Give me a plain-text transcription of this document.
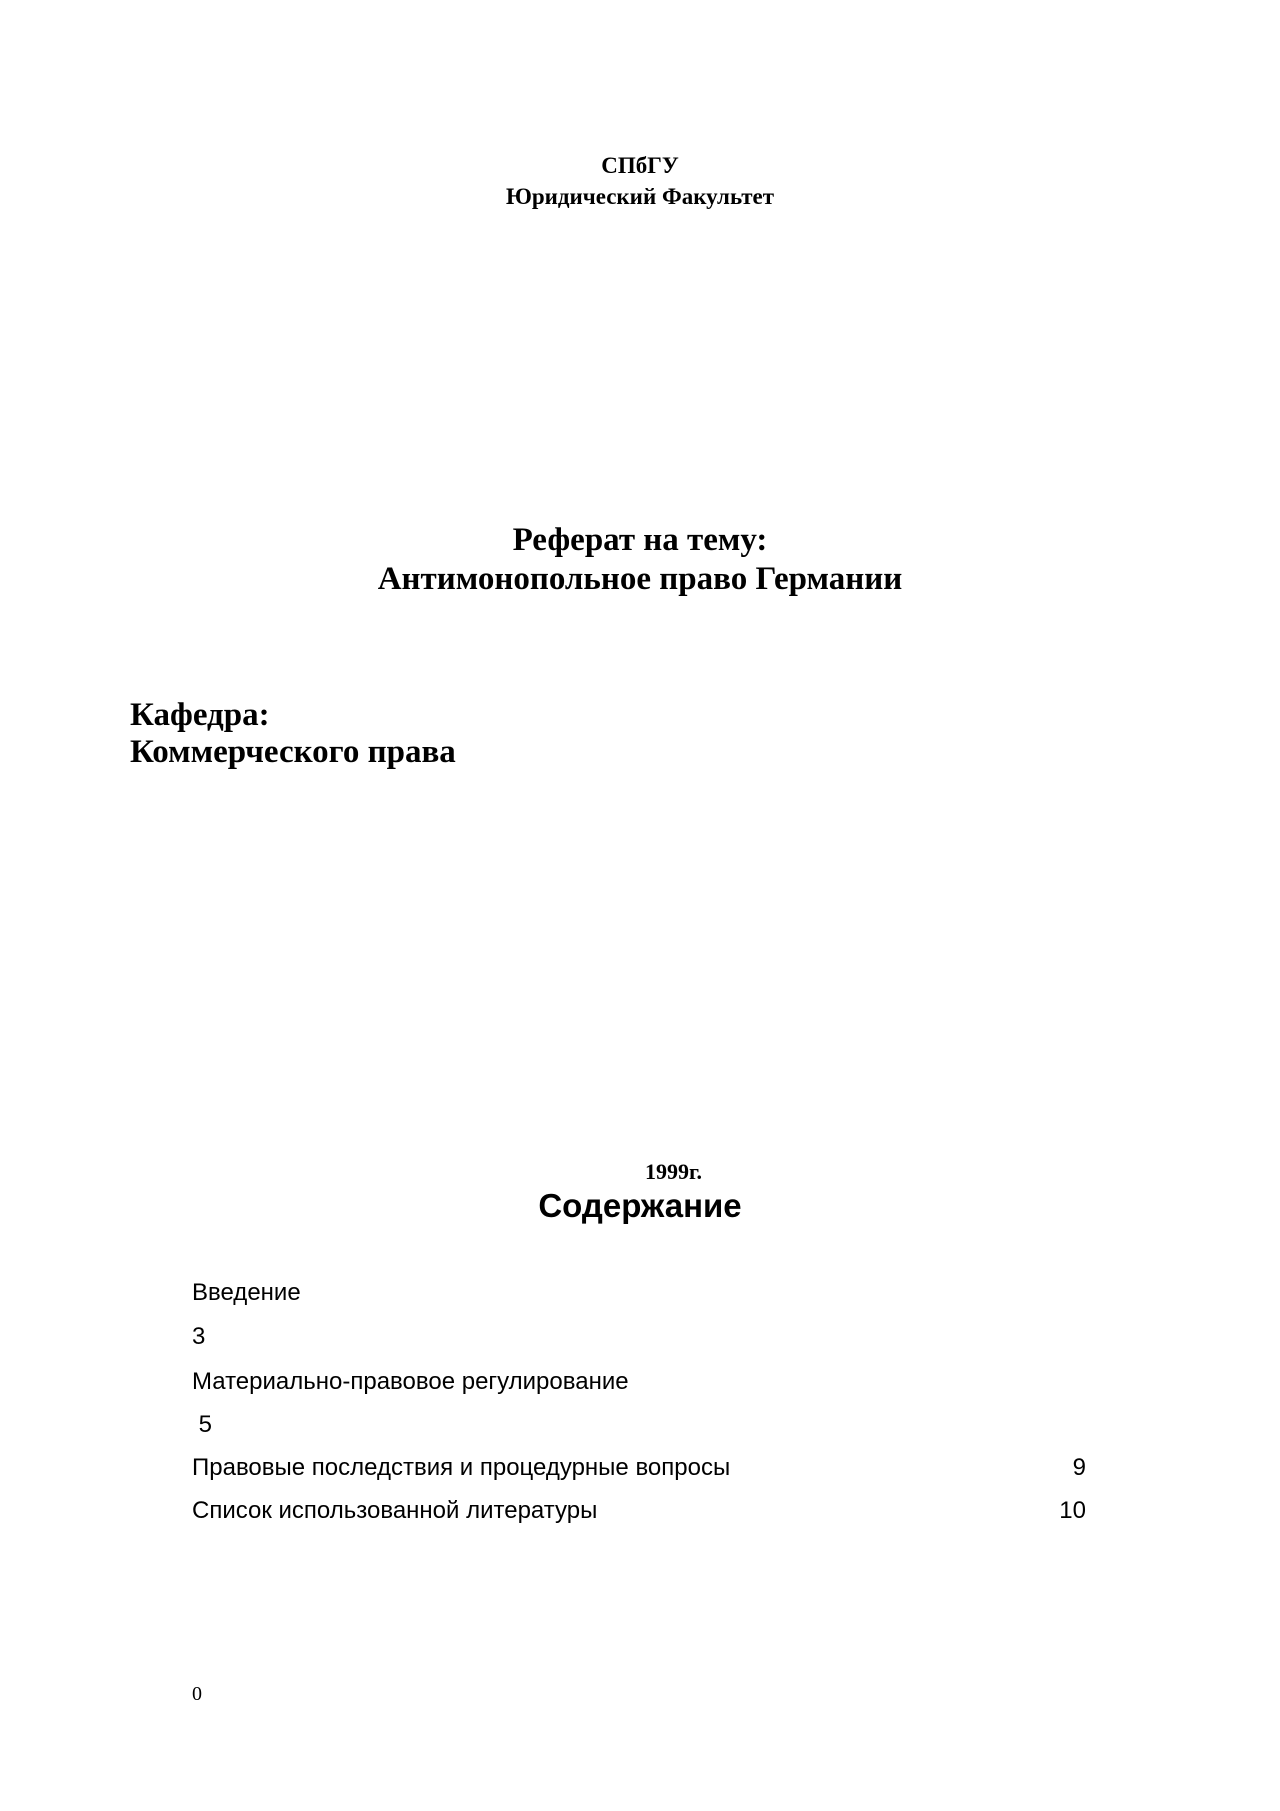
СПбГУ
Юридический Факультет
Реферат на тему:
Антимонопольное право Германии
Кафедра:
Коммерческого права
1999г.
Содержание
Введение
3
Материально-правовое регулирование
5
Правовые последствия и процедурные вопросы	9
Список использованной литературы	10
0
